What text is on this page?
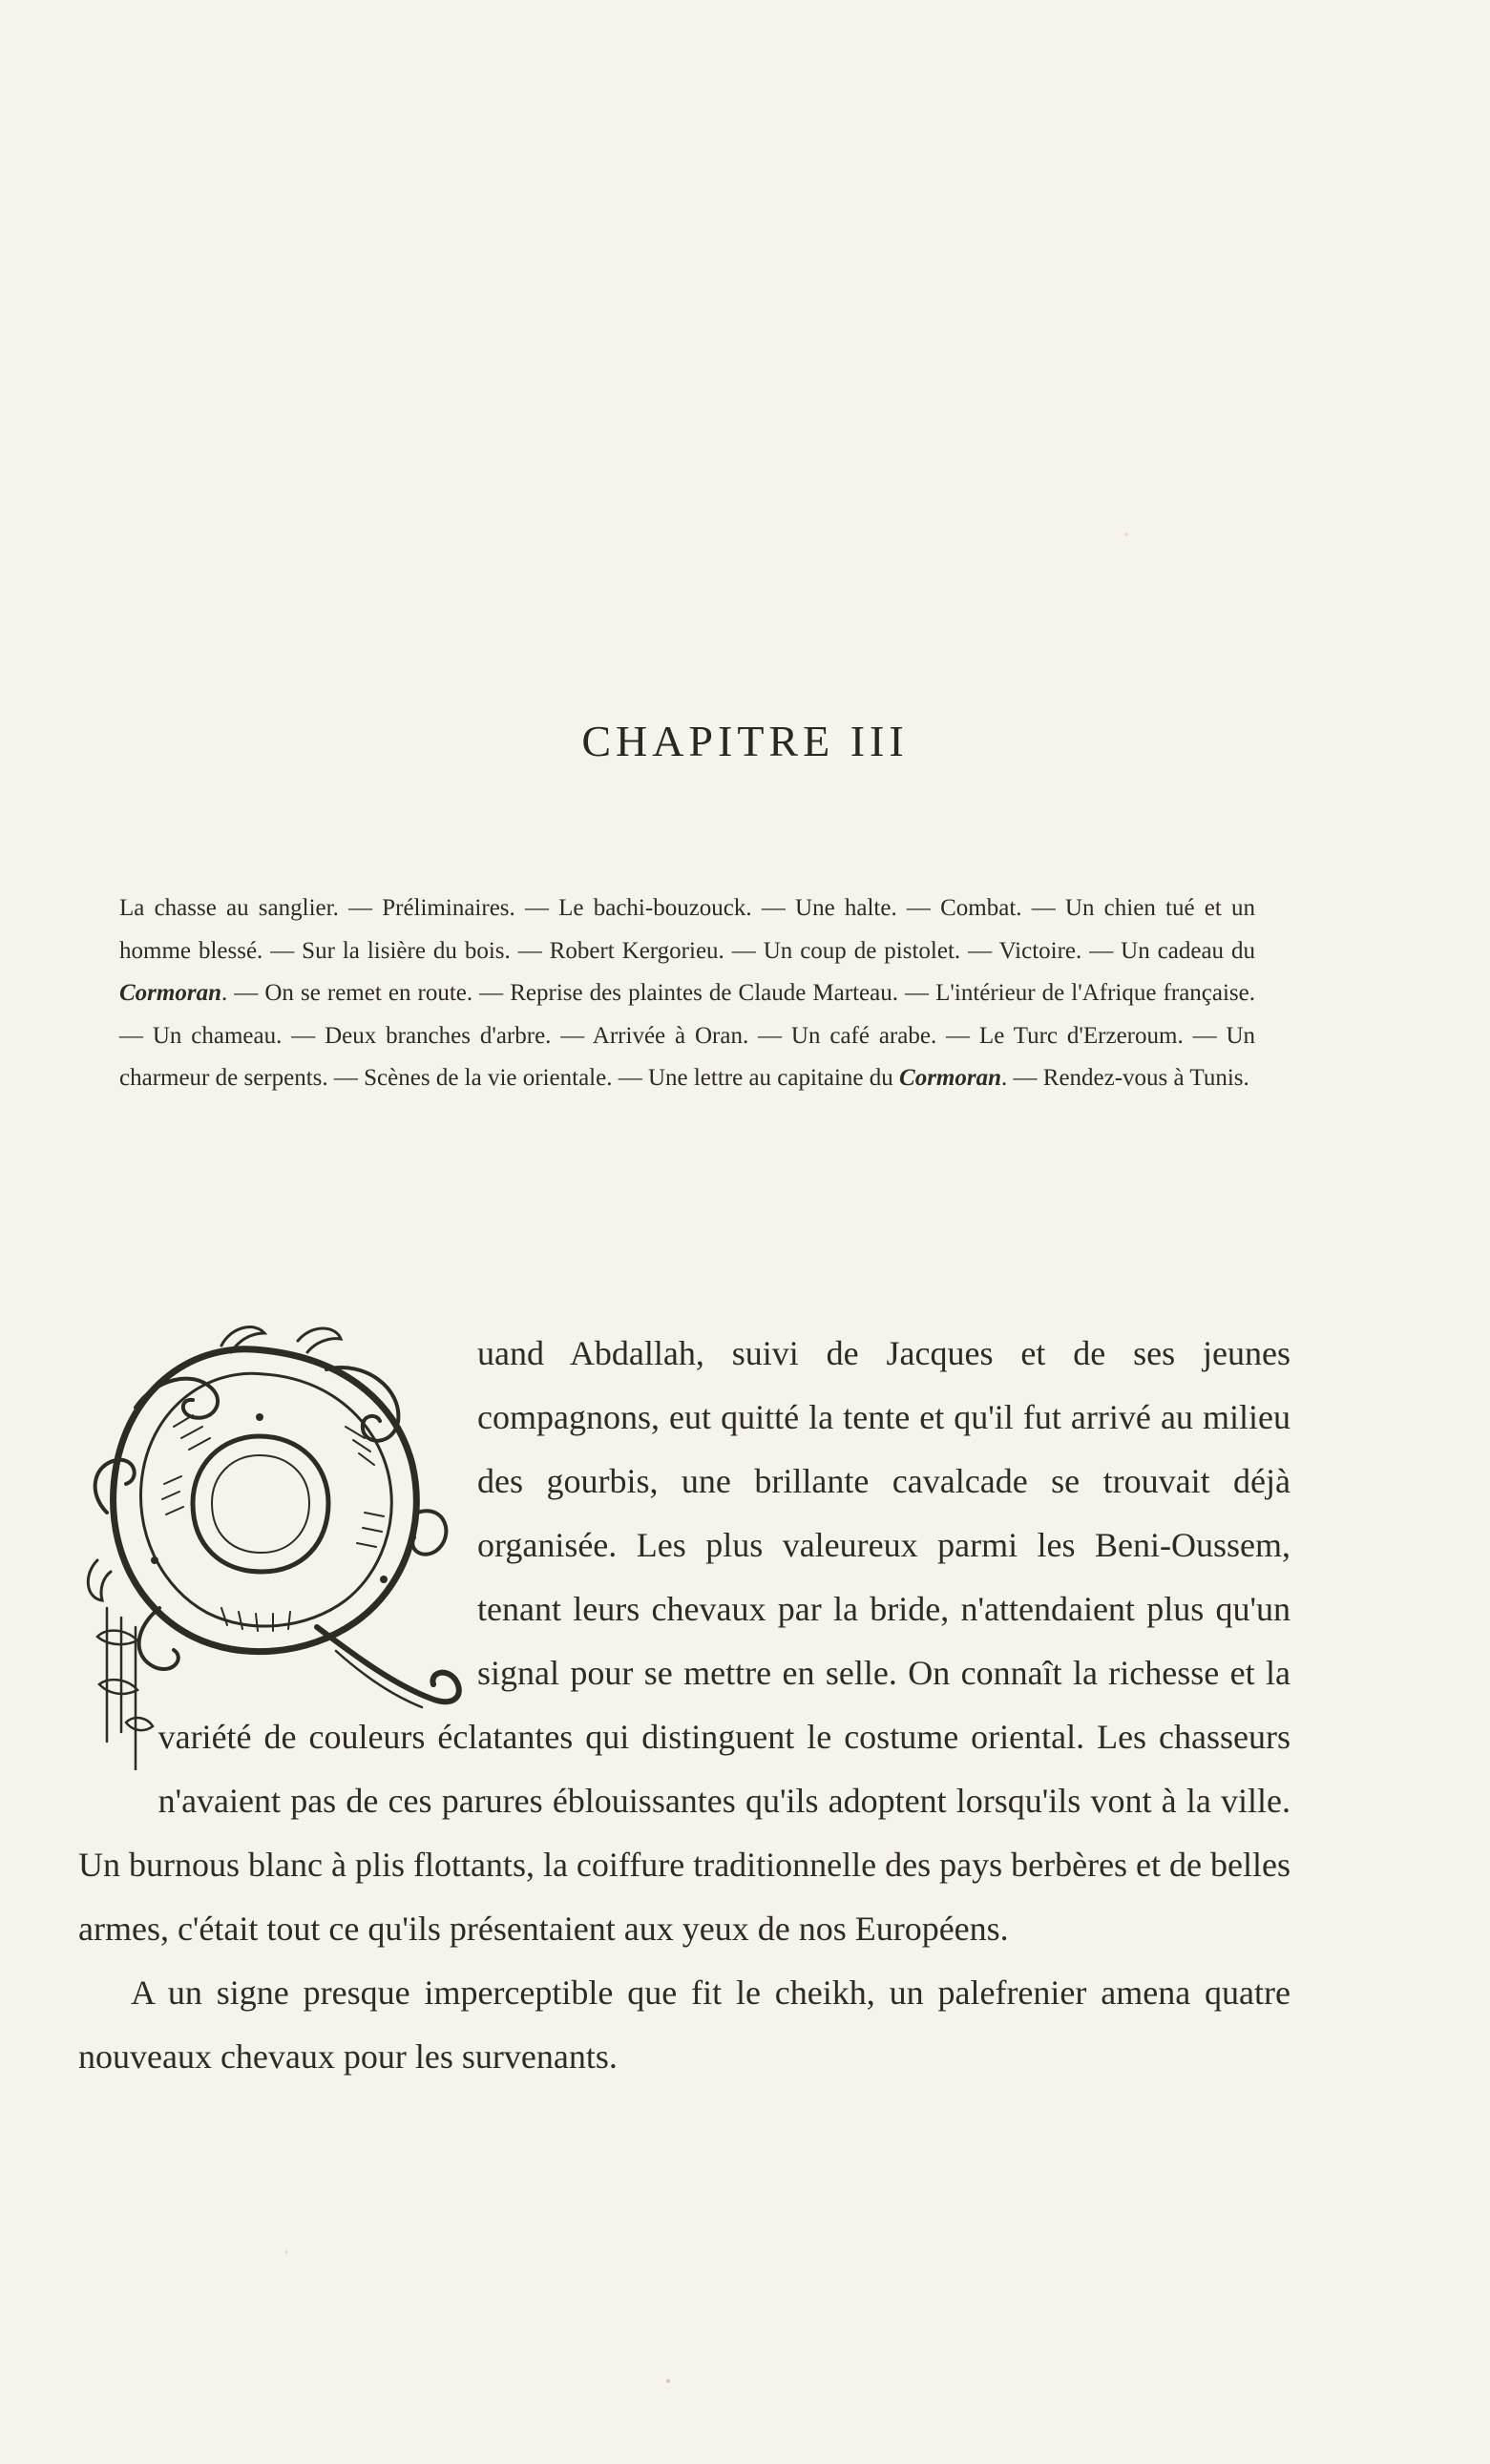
CHAPITRE III

La chasse au sanglier. — Préliminaires. — Le bachi-bouzouck. — Une halte. — Combat. — Un chien tué et un homme blessé. — Sur la lisière du bois. — Robert Kergorieu. — Un coup de pistolet. — Victoire. — Un cadeau du Cormoran. — On se remet en route. — Reprise des plaintes de Claude Marteau. — L'intérieur de l'Afrique française. — Un chameau. — Deux branches d'arbre. — Arrivée à Oran. — Un café arabe. — Le Turc d'Erzeroum. — Un charmeur de serpents. — Scènes de la vie orientale. — Une lettre au capitaine du Cormoran. — Rendez-vous à Tunis.

uand Abdallah, suivi de Jacques et de ses jeunes compagnons, eut quitté la tente et qu'il fut arrivé au milieu des gourbis, une brillante cavalcade se trouvait déjà organisée. Les plus valeureux parmi les Beni-Oussem, tenant leurs chevaux par la bride, n'attendaient plus qu'un signal pour se mettre en selle. On connaît la richesse et la variété de couleurs éclatantes qui distinguent le costume oriental. Les chasseurs n'avaient pas de ces parures éblouissantes qu'ils adoptent lorsqu'ils vont à la ville. Un burnous blanc à plis flottants, la coiffure traditionnelle des pays berbères et de belles armes, c'était tout ce qu'ils présentaient aux yeux de nos Européens.

A un signe presque imperceptible que fit le cheikh, un palefrenier amena quatre nouveaux chevaux pour les survenants.
